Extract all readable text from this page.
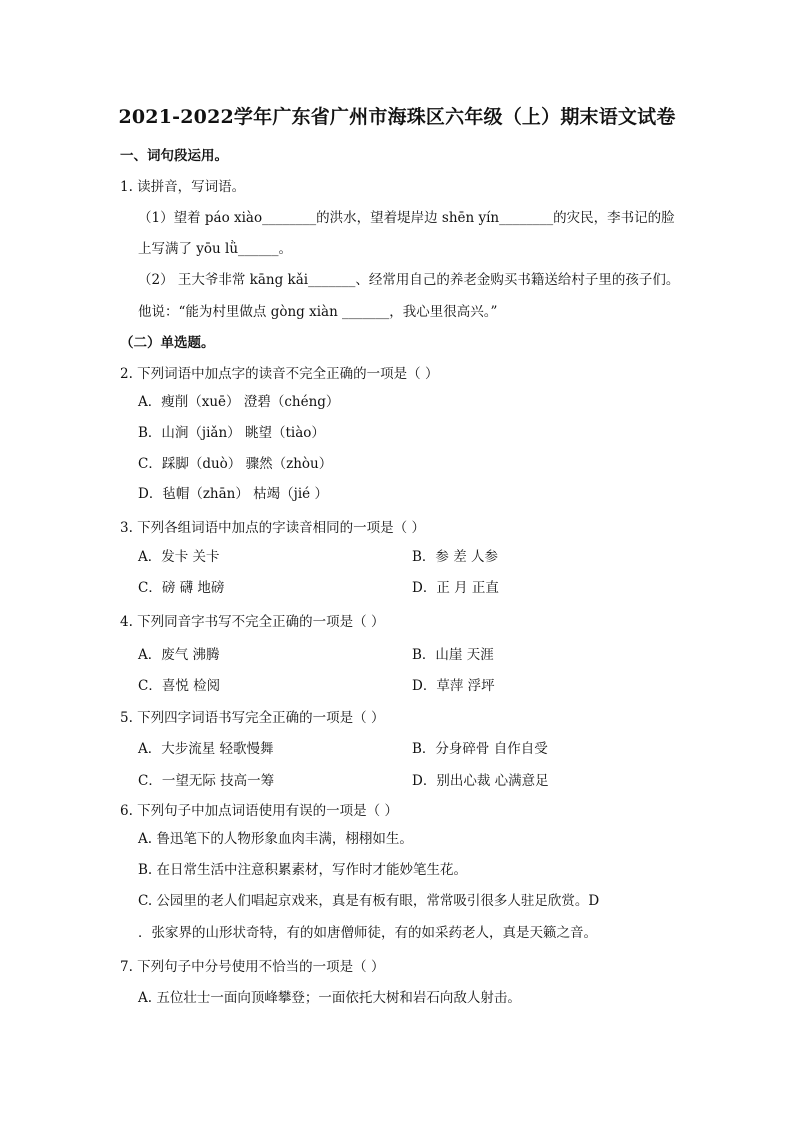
2021-2022学年广东省广州市海珠区六年级（上）期末语文试卷
一、词句段运用。
1. 读拼音，写词语。
（1）望着 páo xiào________的洪水，望着堤岸边 shēn yín________的灾民，李书记的脸
上写满了 yōu lǜ______。
（2） 王大爷非常 kāng kǎi_______、经常用自己的养老金购买书籍送给村子里的孩子们。
他说：“能为村里做点 gòng xiàn _______，我心里很高兴。”
（二）单选题。
2. 下列词语中加点字的读音不完全正确的一项是（ ）
A．瘦削（xuē） 澄碧（chéng）
B．山涧（jiǎn） 眺望（tiào）
C．踩脚（duò） 骤然（zhòu）
D．毡帽（zhān） 枯竭（jié ）
3. 下列各组词语中加点的字读音相同的一项是（ ）
A．发卡 关卡	B．参 差 人参
C．磅 礴 地磅	D．正 月 正直
4. 下列同音字书写不完全正确的一项是（ ）
A．废气 沸腾	B．山崖 天涯
C．喜悦 检阅	D．草萍 浮坪
5. 下列四字词语书写完全正确的一项是（ ）
A．大步流星 轻歌慢舞	B．分身碎骨 自作自受
C．一望无际 技高一筹	D．别出心裁 心满意足
6. 下列句子中加点词语使用有误的一项是（ ）
A. 鲁迅笔下的人物形象血肉丰满，栩栩如生。
B. 在日常生活中注意积累素材，写作时才能妙笔生花。
C. 公园里的老人们唱起京戏来，真是有板有眼，常常吸引很多人驻足欣赏。D
．张家界的山形状奇特，有的如唐僧师徒，有的如采药老人，真是天籁之音。
7. 下列句子中分号使用不恰当的一项是（ ）
A. 五位壮士一面向顶峰攀登；一面依托大树和岩石向敌人射击。
